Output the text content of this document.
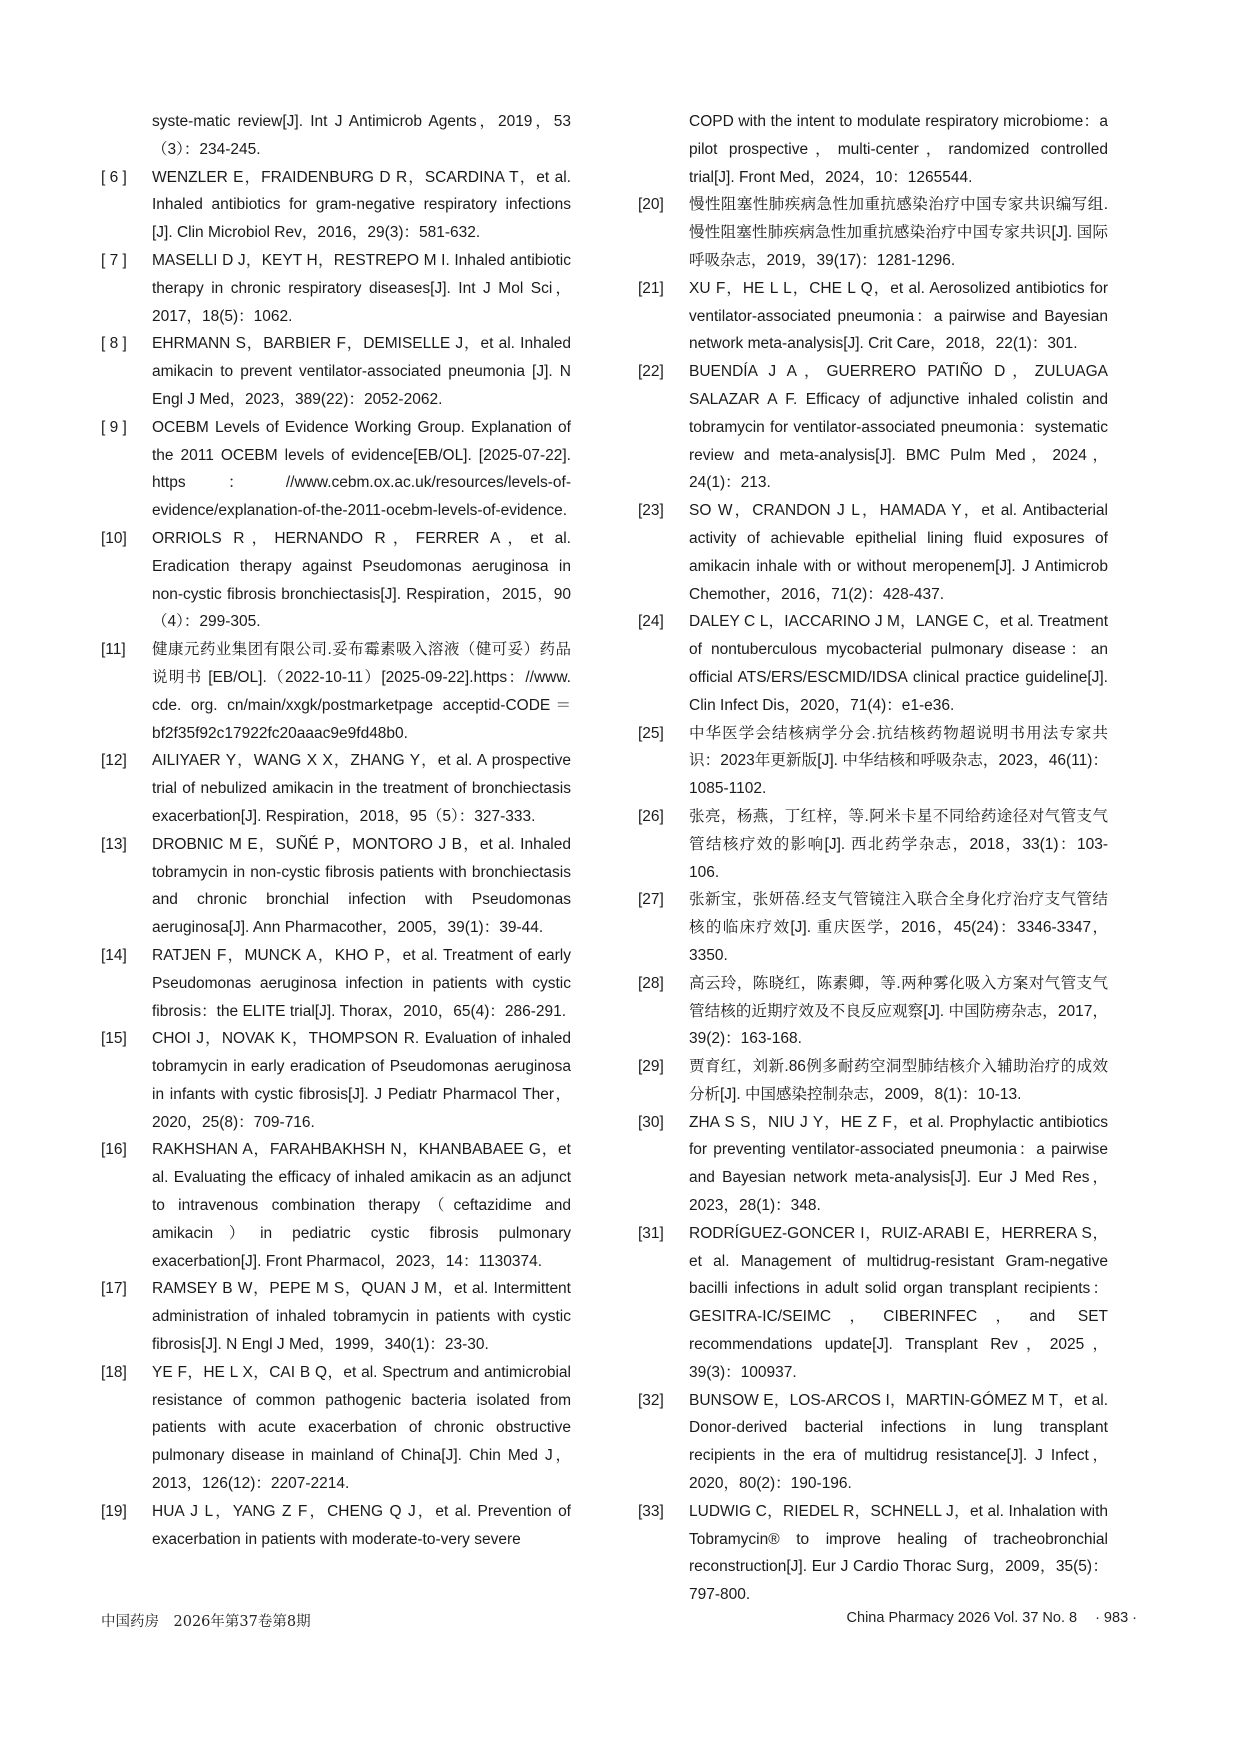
syste-matic review[J]. Int J Antimicrob Agents，2019，53（3）：234-245.

[ 6 ]	WENZLER E，FRAIDENBURG D R，SCARDINA T，et al. Inhaled antibiotics for gram-negative respiratory infections [J]. Clin Microbiol Rev，2016，29(3)：581-632.

[ 7 ]	MASELLI D J，KEYT H，RESTREPO M I. Inhaled antibiotic therapy in chronic respiratory diseases[J]. Int J Mol Sci，2017，18(5)：1062.

[ 8 ]	EHRMANN S，BARBIER F，DEMISELLE J，et al. Inhaled amikacin to prevent ventilator-associated pneumonia [J]. N Engl J Med，2023，389(22)：2052-2062.

[ 9 ]	OCEBM Levels of Evidence Working Group. Explanation of the 2011 OCEBM levels of evidence[EB/OL]. [2025-07-22]. https：//www.cebm.ox.ac.uk/resources/levels-of-evidence/explanation-of-the-2011-ocebm-levels-of-evidence.

[10]	ORRIOLS R，HERNANDO R，FERRER A，et al. Eradication therapy against Pseudomonas aeruginosa in non-cystic fibrosis bronchiectasis[J]. Respiration，2015，90（4）：299-305.

[11]	健康元药业集团有限公司.妥布霉素吸入溶液（健可妥）药品说明书 [EB/OL].（2022-10-11）[2025-09-22].https：//www. cde. org. cn/main/xxgk/postmarketpage acceptid-CODE＝bf2f35f92c17922fc20aaac9e9fd48b0.

[12]	AILIYAER Y，WANG X X，ZHANG Y，et al. A prospective trial of nebulized amikacin in the treatment of bronchiectasis exacerbation[J]. Respiration，2018，95（5）：327-333.

[13]	DROBNIC M E，SUÑÉ P，MONTORO J B，et al. Inhaled tobramycin in non-cystic fibrosis patients with bronchiectasis and chronic bronchial infection with Pseudomonas aeruginosa[J]. Ann Pharmacother，2005，39(1)：39-44.

[14]	RATJEN F，MUNCK A，KHO P，et al. Treatment of early Pseudomonas aeruginosa infection in patients with cystic fibrosis：the ELITE trial[J]. Thorax，2010，65(4)：286-291.

[15]	CHOI J，NOVAK K，THOMPSON R. Evaluation of inhaled tobramycin in early eradication of Pseudomonas aeruginosa in infants with cystic fibrosis[J]. J Pediatr Pharmacol Ther，2020，25(8)：709-716.

[16]	RAKHSHAN A，FARAHBAKHSH N，KHANBABAEE G，et al. Evaluating the efficacy of inhaled amikacin as an adjunct to intravenous combination therapy（ceftazidime and amikacin）in pediatric cystic fibrosis pulmonary exacerbation[J]. Front Pharmacol，2023，14：1130374.

[17]	RAMSEY B W，PEPE M S，QUAN J M，et al. Intermittent administration of inhaled tobramycin in patients with cystic fibrosis[J]. N Engl J Med，1999，340(1)：23-30.

[18]	YE F，HE L X，CAI B Q，et al. Spectrum and antimicrobial resistance of common pathogenic bacteria isolated from patients with acute exacerbation of chronic obstructive pulmonary disease in mainland of China[J]. Chin Med J，2013，126(12)：2207-2214.

[19]	HUA J L，YANG Z F，CHENG Q J，et al. Prevention of exacerbation in patients with moderate-to-very severe

COPD with the intent to modulate respiratory microbiome：a pilot prospective，multi-center，randomized controlled trial[J]. Front Med，2024，10：1265544.

[20]	慢性阻塞性肺疾病急性加重抗感染治疗中国专家共识编写组.慢性阻塞性肺疾病急性加重抗感染治疗中国专家共识[J]. 国际呼吸杂志，2019，39(17)：1281-1296.

[21]	XU F，HE L L，CHE L Q，et al. Aerosolized antibiotics for ventilator-associated pneumonia：a pairwise and Bayesian network meta-analysis[J]. Crit Care，2018，22(1)：301.

[22]	BUENDÍA J A，GUERRERO PATIÑO D，ZULUAGA SALAZAR A F. Efficacy of adjunctive inhaled colistin and tobramycin for ventilator-associated pneumonia：systematic review and meta-analysis[J]. BMC Pulm Med，2024，24(1)：213.

[23]	SO W，CRANDON J L，HAMADA Y，et al. Antibacterial activity of achievable epithelial lining fluid exposures of amikacin inhale with or without meropenem[J]. J Antimicrob Chemother，2016，71(2)：428-437.

[24]	DALEY C L，IACCARINO J M，LANGE C，et al. Treatment of nontuberculous mycobacterial pulmonary disease：an official ATS/ERS/ESCMID/IDSA clinical practice guideline[J]. Clin Infect Dis，2020，71(4)：e1-e36.

[25]	中华医学会结核病学分会.抗结核药物超说明书用法专家共识：2023年更新版[J]. 中华结核和呼吸杂志，2023，46(11)：1085-1102.

[26]	张亮，杨燕，丁红梓，等.阿米卡星不同给药途径对气管支气管结核疗效的影响[J]. 西北药学杂志，2018，33(1)：103-106.

[27]	张新宝，张妍蓓.经支气管镜注入联合全身化疗治疗支气管结核的临床疗效[J]. 重庆医学，2016，45(24)：3346-3347，3350.

[28]	高云玲，陈晓红，陈素卿，等.两种雾化吸入方案对气管支气管结核的近期疗效及不良反应观察[J]. 中国防痨杂志，2017，39(2)：163-168.

[29]	贾育红，刘新.86例多耐药空洞型肺结核介入辅助治疗的成效分析[J]. 中国感染控制杂志，2009，8(1)：10-13.

[30]	ZHA S S，NIU J Y，HE Z F，et al. Prophylactic antibiotics for preventing ventilator-associated pneumonia：a pairwise and Bayesian network meta-analysis[J]. Eur J Med Res，2023，28(1)：348.

[31]	RODRÍGUEZ-GONCER I，RUIZ-ARABI E，HERRERA S，et al. Management of multidrug-resistant Gram-negative bacilli infections in adult solid organ transplant recipients：GESITRA-IC/SEIMC，CIBERINFEC，and SET recommendations update[J]. Transplant Rev，2025，39(3)：100937.

[32]	BUNSOW E，LOS-ARCOS I，MARTIN-GÓMEZ M T，et al. Donor-derived bacterial infections in lung transplant recipients in the era of multidrug resistance[J]. J Infect，2020，80(2)：190-196.

[33]	LUDWIG C，RIEDEL R，SCHNELL J，et al. Inhalation with Tobramycin® to improve healing of tracheobronchial reconstruction[J]. Eur J Cardio Thorac Surg，2009，35(5)：797-800.

中国药房　2026年第37卷第8期	China Pharmacy 2026 Vol. 37 No. 8 · 983 ·
